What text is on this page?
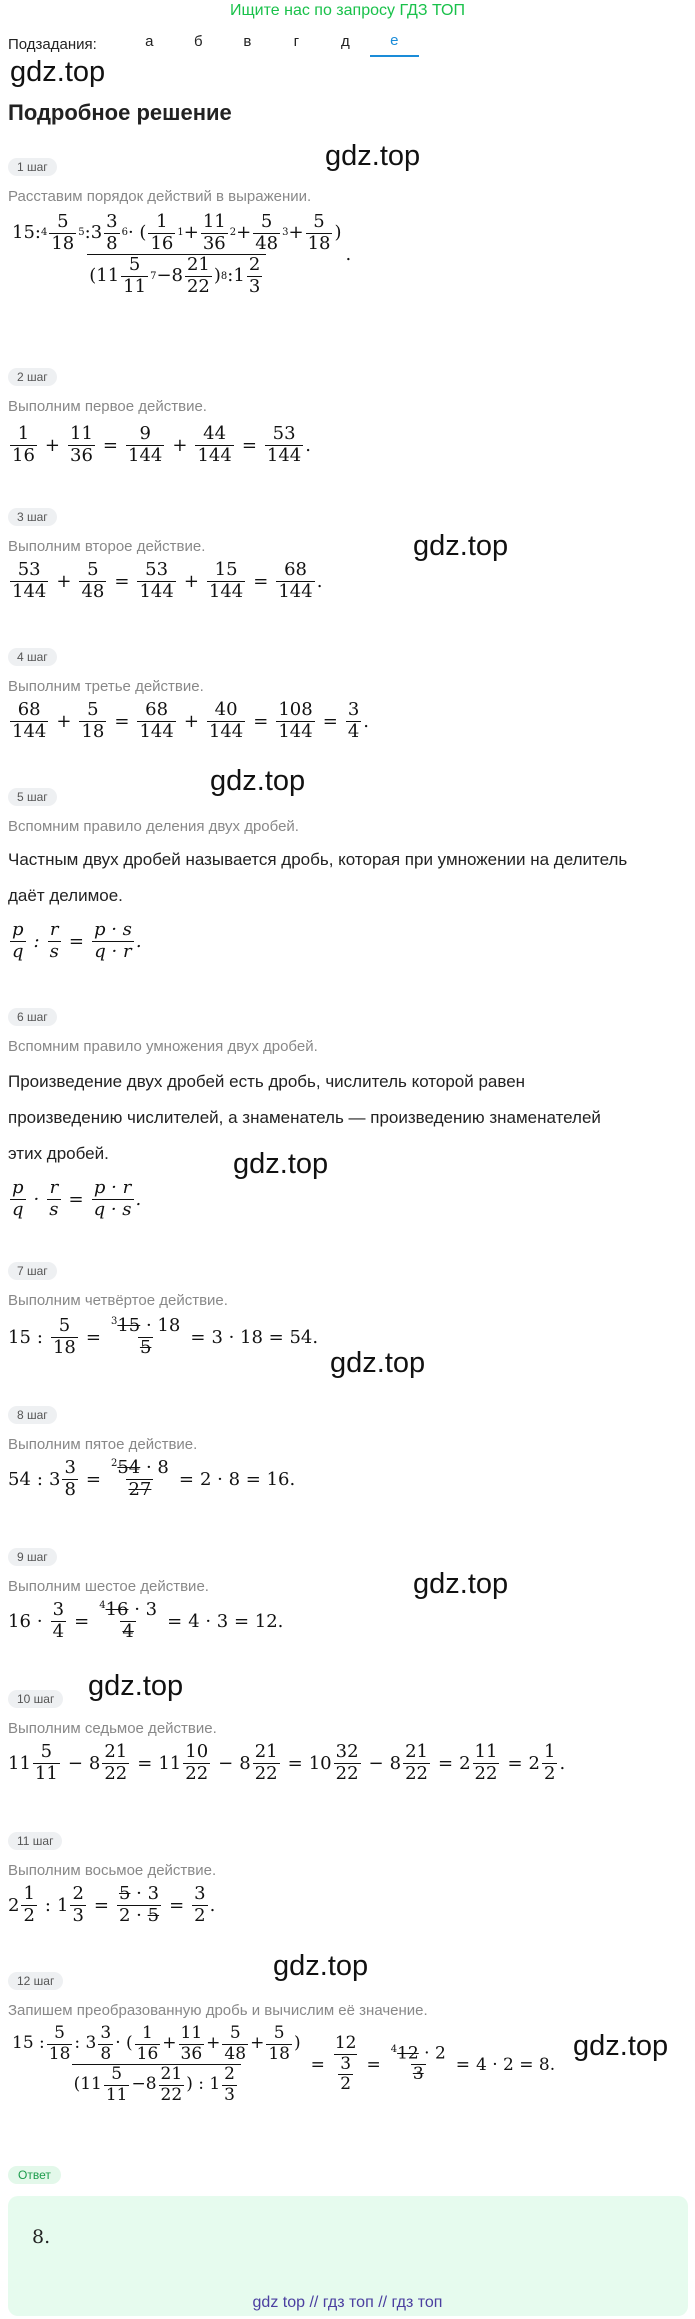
Ищите нас по запросу ГДЗ ТОП
Подзадания:	а	б	в	г	д	е
gdz.top
Подробное решение
gdz.top
gdz.top
gdz.top
gdz.top
gdz.top
gdz.top
gdz.top
gdz.top
gdz.top
1 шаг
Расставим порядок действий в выражении.
$\frac{15: 4 \frac{5}{18} 5 :3 \frac{3}{8} 6 \cdot ( \frac{1}{16} 1 + \frac{11}{36} 2 + \frac{5}{48} 3 + \frac{5}{18} )}{(11 \frac{5}{11} 7 -8 \frac{21}{22} ) 8 :1 \frac{2}{3}}$ .
2 шаг
Выполним первое действие.
$\frac{1}{16} + \frac{11}{36} = \frac{9}{144} + \frac{44}{144} = \frac{53}{144}$ .
3 шаг
Выполним второе действие.
$\frac{53}{144} + \frac{5}{48} = \frac{53}{144} + \frac{15}{144} = \frac{68}{144}$ .
4 шаг
Выполним третье действие.
$\frac{68}{144} + \frac{5}{18} = \frac{68}{144} + \frac{40}{144} = \frac{108}{144} = \frac{3}{4}$ .
5 шаг
Вспомним правило деления двух дробей.
Частным двух дробей называется дробь, которая при умножении на делитель
даёт делимое.
$\frac{p}{q}$ : $\frac{r}{s} = \frac{p \cdot s}{q \cdot r}$ .
6 шаг
Вспомним правило умножения двух дробей.
Произведение двух дробей есть дробь, числитель которой равен
произведению числителей, а знаменатель — произведению знаменателей
этих дробей.
$\frac{p}{q} \cdot \frac{r}{s} = \frac{p \cdot r}{q \cdot s}$ .
7 шаг
Выполним четвёртое действие.
15 : $\frac{5}{18} = \frac{^315 \cdot 18}{5} = 3 \cdot 18 = 54$.
8 шаг
Выполним пятое действие.
54 : $3 \frac{3}{8} = \frac{^254 \cdot 8}{27} = 2 \cdot 8 = 16$.
9 шаг
Выполним шестое действие.
$16 \cdot \frac{3}{4} = \frac{^416 \cdot 3}{4} = 4 \cdot 3 = 12$.
10 шаг
Выполним седьмое действие.
$11 \frac{5}{11} - 8 \frac{21}{22} = 11 \frac{10}{22} - 8 \frac{21}{22} = 10 \frac{32}{22} - 8 \frac{21}{22} = 2 \frac{11}{22} = 2 \frac{1}{2}$ .
11 шаг
Выполним восьмое действие.
$2 \frac{1}{2}$ : $1 \frac{2}{3} = \frac{5 \cdot 3}{2 \cdot 5} = \frac{3}{2}$ .
12 шаг
Запишем преобразованную дробь и вычислим её значение.
$\frac{15 : \frac{5}{18} : 3 \frac{3}{8} \cdot ( \frac{1}{16} + \frac{11}{36} + \frac{5}{48} + \frac{5}{18} )}{(11 \frac{5}{11} -8 \frac{21}{22} ) : 1 \frac{2}{3}} = \frac{12}{\frac{3}{2}} = \frac{^412 \cdot 2}{3} = 4 \cdot 2 = 8$.
Ответ
8.
gdz top // гдз топ // гдз топ
